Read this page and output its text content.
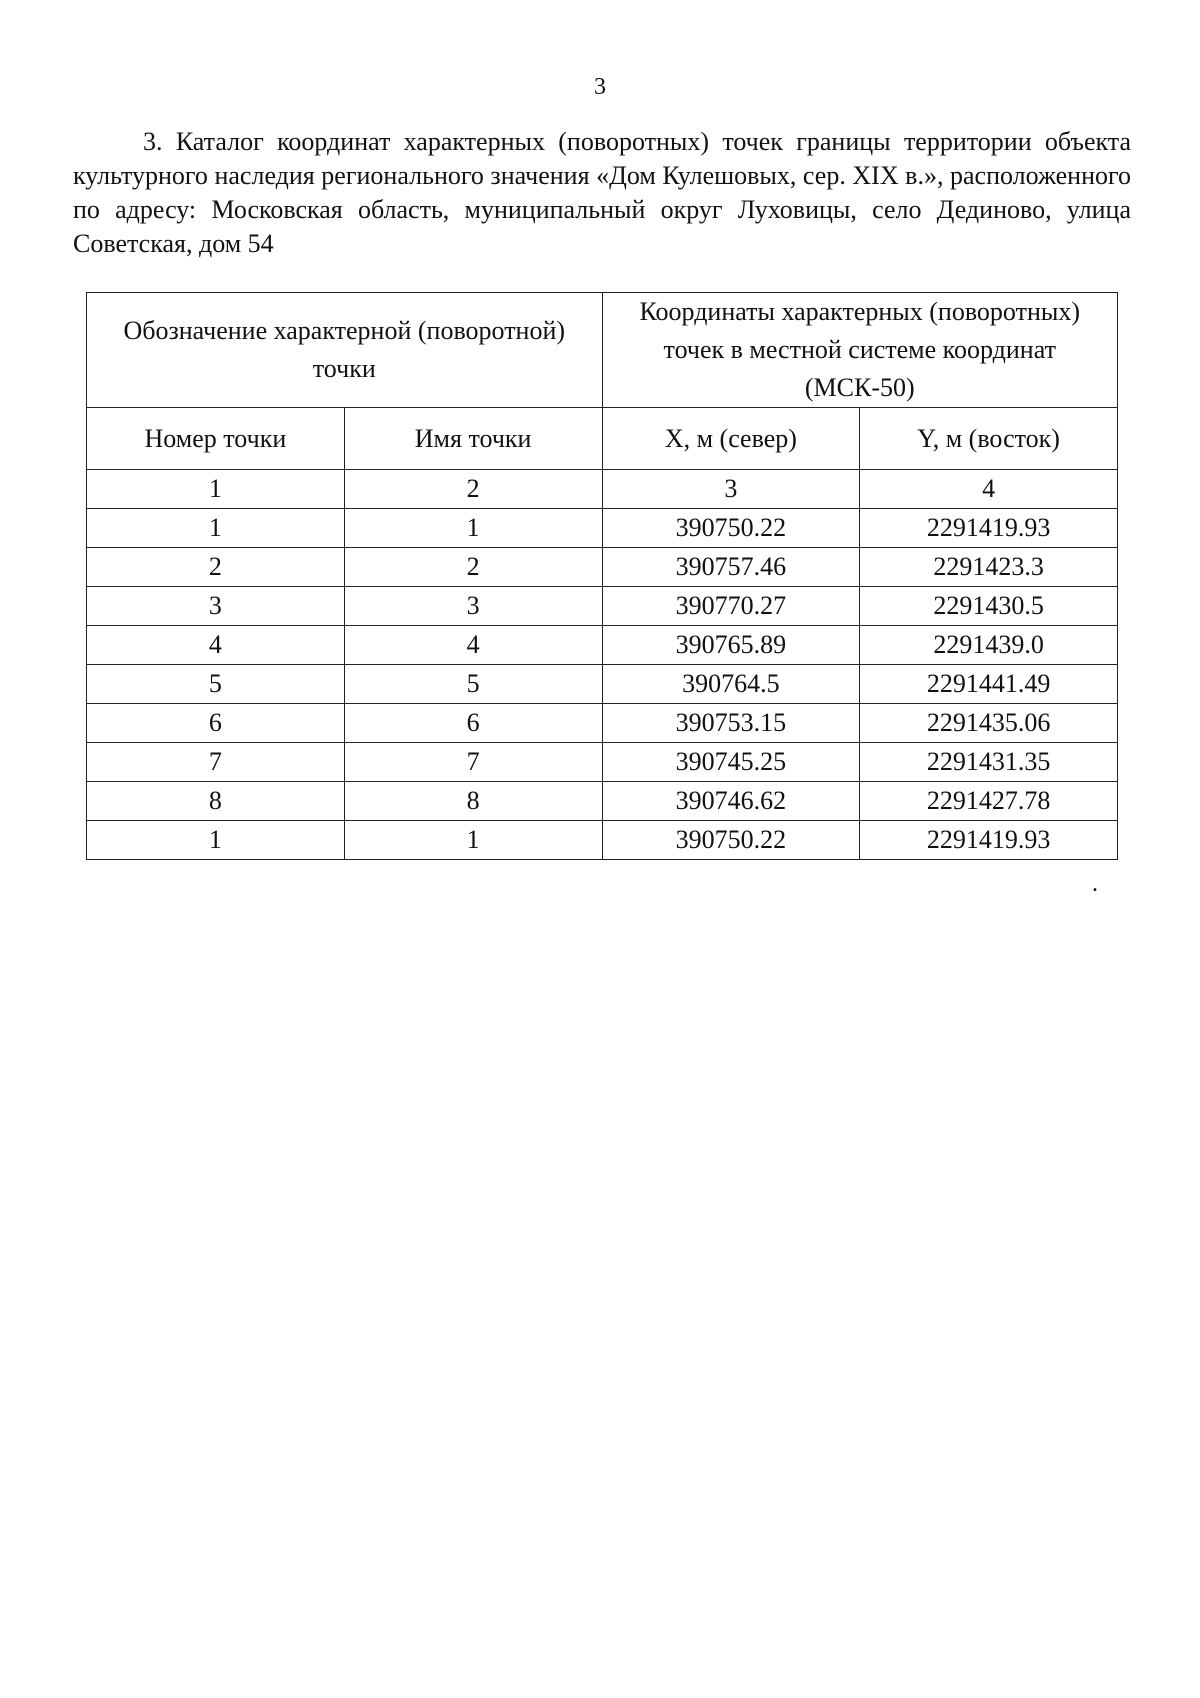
3

3. Каталог координат характерных (поворотных) точек границы территории объекта культурного наследия регионального значения «Дом Кулешовых, сер. XIX в.», расположенного по адресу: Московская область, муниципальный округ Луховицы, село Дединово, улица Советская, дом 54

Обозначение характерной (поворотной) точки		Координаты характерных (поворотных) точек в местной системе координат (МСК-50)	
Номер точки	Имя точки	X, м (север)	Y, м (восток)
1	2	3	4
1	1	390750.22	2291419.93
2	2	390757.46	2291423.3
3	3	390770.27	2291430.5
4	4	390765.89	2291439.0
5	5	390764.5	2291441.49
6	6	390753.15	2291435.06
7	7	390745.25	2291431.35
8	8	390746.62	2291427.78
1	1	390750.22	2291419.93
.
